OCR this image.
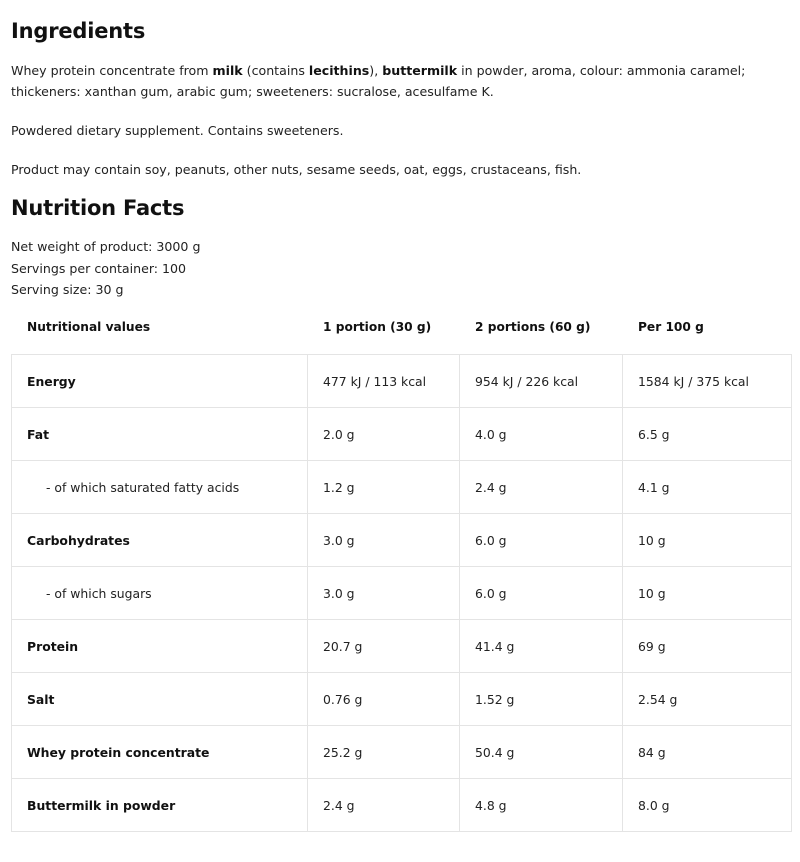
Ingredients
Whey protein concentrate from milk (contains lecithins), buttermilk in powder, aroma, colour: ammonia caramel; thickeners: xanthan gum, arabic gum; sweeteners: sucralose, acesulfame K.
Powdered dietary supplement. Contains sweeteners.
Product may contain soy, peanuts, other nuts, sesame seeds, oat, eggs, crustaceans, fish.
Nutrition Facts
Net weight of product: 3000 g
Servings per container: 100
Serving size: 30 g
Nutritional values	1 portion (30 g)	2 portions (60 g)	Per 100 g
Energy	477 kJ / 113 kcal	954 kJ / 226 kcal	1584 kJ / 375 kcal
Fat	2.0 g	4.0 g	6.5 g
- of which saturated fatty acids	1.2 g	2.4 g	4.1 g
Carbohydrates	3.0 g	6.0 g	10 g
- of which sugars	3.0 g	6.0 g	10 g
Protein	20.7 g	41.4 g	69 g
Salt	0.76 g	1.52 g	2.54 g
Whey protein concentrate	25.2 g	50.4 g	84 g
Buttermilk in powder	2.4 g	4.8 g	8.0 g
